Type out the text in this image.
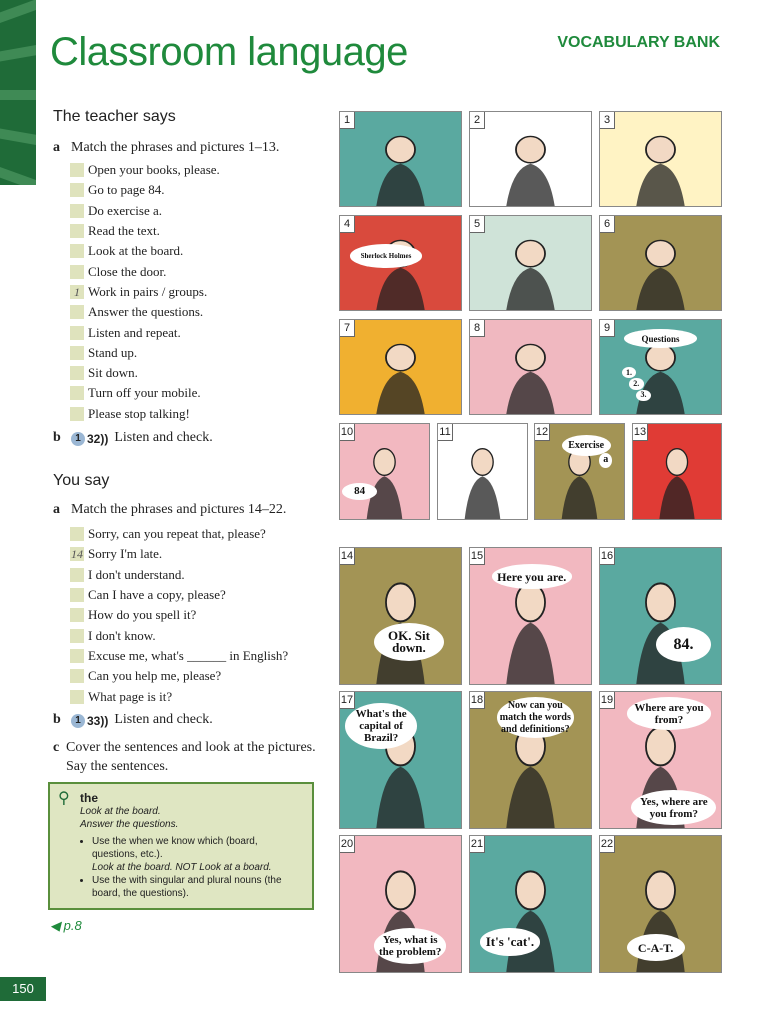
Classroom language	VOCABULARY BANK
The teacher says
a Match the phrases and pictures 1–13.
Open your books, please.
Go to page 84.
Do exercise a.
Read the text.
Look at the board.
Close the door.
1 Work in pairs / groups.
Answer the questions.
Listen and repeat.
Stand up.
Sit down.
Turn off your mobile.
Please stop talking!
b	1 32 )) Listen and check.
You say
a Match the phrases and pictures 14–22.
Sorry, can you repeat that, please?
14 Sorry I'm late.
I don't understand.
Can I have a copy, please?
How do you spell it?
I don't know.
Excuse me, what's ______ in English?
Can you help me, please?
What page is it?
b	1 33 )) Listen and check.
c Cover the sentences and look at the pictures. Say the sentences.
⚲ the
Look at the board.
Answer the questions.
• Use the when we know which (board, questions, etc.).
Look at the board. NOT Look at a board.
• Use the with singular and plural nouns (the board, the questions).
◀ p.8
150
1	2	3
Sherlock Holmes
4	5	6
7	8
Questions
1.
2.
3.
9
84
10	11
Exercise
a
12	13
OK. Sit down.
14
Here you are.
15
84.
16
What's the capital of Brazil?
17	Now can you match the words and definitions?
18
Where are you from?
Yes, where are you from?
19
Yes, what is the problem?
20
It's 'cat'.
21
C-A-T.
22
